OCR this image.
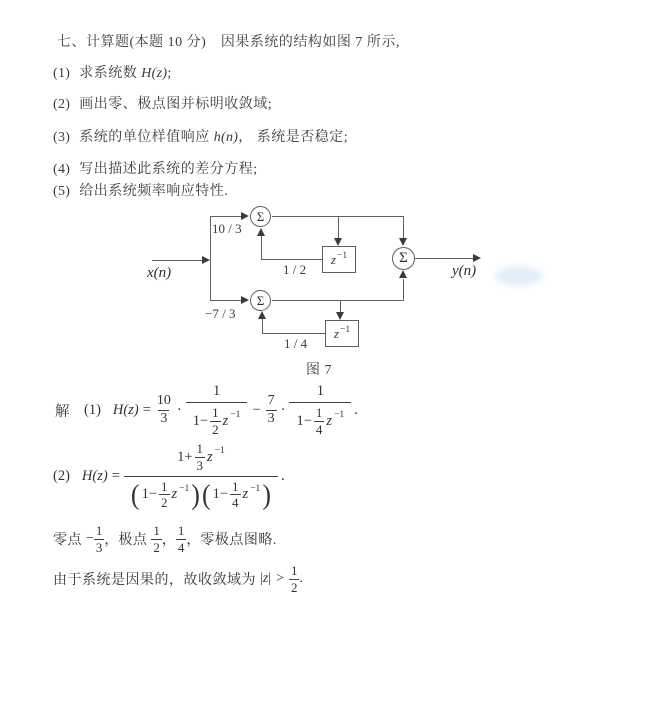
七、计算题(本题 10 分)　因果系统的结构如图 7 所示,
(1) 求系统数 H(z);
(2) 画出零、极点图并标明收敛域;
(3) 系统的单位样值响应 h(n)， 系统是否稳定;
(4) 写出描述此系统的差分方程;
(5) 给出系统频率响应特性.
x(n)
10 / 3
Σ
z −1
1 / 2
Σ
y(n)
−7 / 3
Σ
z −1
1 / 4
图 7
解 (1) $H(z) = \frac{10}{3}$ ·
1
$1- \frac{1}{2}$ $z -1 - \frac{7}{3}$ ·
1
$1- \frac{1}{4}$ z −1 .
(2) H(z) =
$1+ \frac{1}{3}$ z −1
( $1- \frac{1}{2}$ z −1 ) ( $1- \frac{1}{4}$ z −1 )
.
零点 − $\frac{1}{3}$ ， 极点 $\frac{1}{2}$ ， $\frac{1}{4}$ ， 零极点图略.
由于系统是因果的，故收敛域为 | z | > $\frac{1}{2}$ .
